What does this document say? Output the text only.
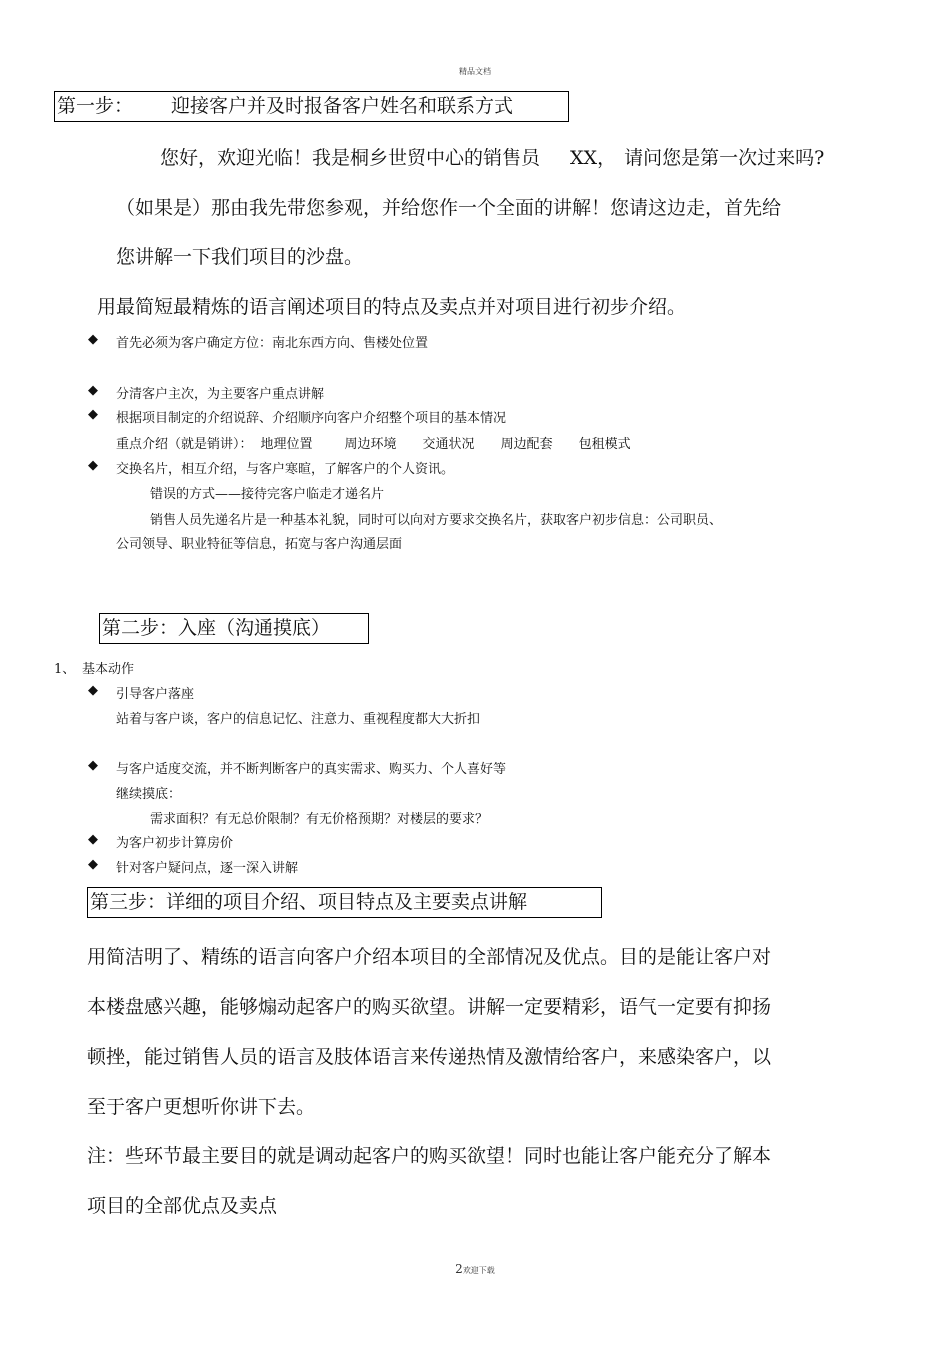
精品文档
第一步： 迎接客户并及时报备客户姓名和联系方式
您好，欢迎光临！我是桐乡世贸中心的销售员 XX， 请问您是第一次过来吗?
（如果是）那由我先带您参观，并给您作一个全面的讲解！您请这边走，首先给
您讲解一下我们项目的沙盘。
用最简短最精炼的语言阐述项目的特点及卖点并对项目进行初步介绍。
◆ 首先必须为客户确定方位：南北东西方向、售楼处位置
◆ 分清客户主次，为主要客户重点讲解
◆ 根据项目制定的介绍说辞、介绍顺序向客户介绍整个项目的基本情况
重点介绍（就是销讲）： 地理位置 周边环境 交通状况 周边配套 包租模式
◆ 交换名片，相互介绍，与客户寒暄，了解客户的个人资讯。
错误的方式——接待完客户临走才递名片
销售人员先递名片是一种基本礼貌，同时可以向对方要求交换名片，获取客户初步信息：公司职员、
公司领导、职业特征等信息，拓宽与客户沟通层面
第二步：入座（沟通摸底）
1、 基本动作
◆ 引导客户落座
站着与客户谈，客户的信息记忆、注意力、重视程度都大大折扣
◆ 与客户适度交流，并不断判断客户的真实需求、购买力、个人喜好等
继续摸底：
需求面积？有无总价限制？有无价格预期？对楼层的要求？
◆ 为客户初步计算房价
◆ 针对客户疑问点，逐一深入讲解
第三步：详细的项目介绍、项目特点及主要卖点讲解
用简洁明了、精练的语言向客户介绍本项目的全部情况及优点。目的是能让客户对
本楼盘感兴趣，能够煽动起客户的购买欲望。讲解一定要精彩，语气一定要有抑扬
顿挫，能过销售人员的语言及肢体语言来传递热情及激情给客户，来感染客户，以
至于客户更想听你讲下去。
注：些环节最主要目的就是调动起客户的购买欲望！同时也能让客户能充分了解本
项目的全部优点及卖点
2欢迎下载
